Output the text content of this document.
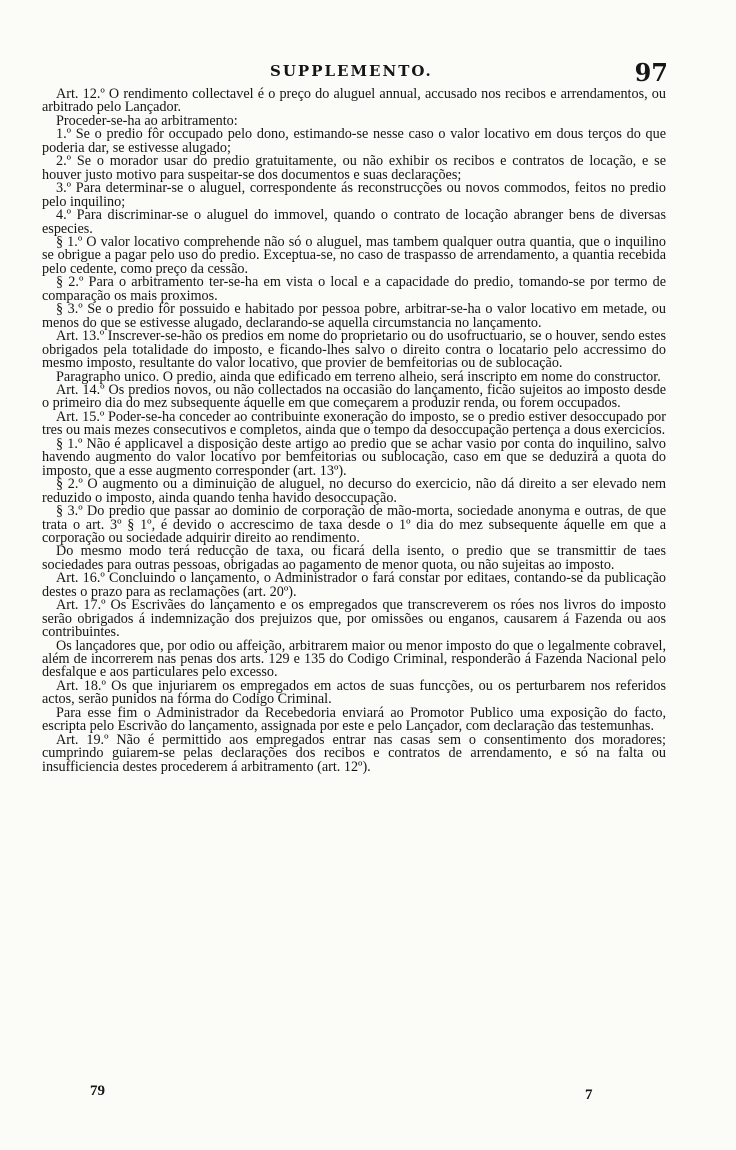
SUPPLEMENTO.	97

Art. 12.º O rendimento collectavel é o preço do aluguel annual, accusado nos recibos e arrendamentos, ou arbitrado pelo Lançador.

Proceder-se-ha ao arbitramento:

1.º Se o predio fôr occupado pelo dono, estimando-se nesse caso o valor locativo em dous terços do que poderia dar, se estivesse alugado;

2.º Se o morador usar do predio gratuitamente, ou não exhibir os recibos e contratos de locação, e se houver justo motivo para suspeitar-se dos documentos e suas declarações;

3.º Para determinar-se o aluguel, correspondente ás reconstrucções ou novos commodos, feitos no predio pelo inquilino;

4.º Para discriminar-se o aluguel do immovel, quando o contrato de locação abranger bens de diversas especies.

§ 1.º O valor locativo comprehende não só o aluguel, mas tambem qualquer outra quantia, que o inquilino se obrigue a pagar pelo uso do predio. Exceptua-se, no caso de traspasso de arrendamento, a quantia recebida pelo cedente, como preço da cessão.

§ 2.º Para o arbitramento ter-se-ha em vista o local e a capacidade do predio, tomando-se por termo de comparação os mais proximos.

§ 3.º Se o predio fôr possuido e habitado por pessoa pobre, arbitrar-se-ha o valor locativo em metade, ou menos do que se estivesse alugado, declarando-se aquella circumstancia no lançamento.

Art. 13.º Inscrever-se-hão os predios em nome do proprietario ou do usofructuario, se o houver, sendo estes obrigados pela totalidade do imposto, e ficando-lhes salvo o direito contra o locatario pelo accressimo do mesmo imposto, resultante do valor locativo, que provier de bemfeitorias ou de sublocação.

Paragrapho unico. O predio, ainda que edificado em terreno alheio, será inscripto em nome do constructor.

Art. 14.º Os predios novos, ou não collectados na occasião do lançamento, ficão sujeitos ao imposto desde o primeiro dia do mez subsequente áquelle em que começarem a produzir renda, ou forem occupados.

Art. 15.º Poder-se-ha conceder ao contribuinte exoneração do imposto, se o predio estiver desoccupado por tres ou mais mezes consecutivos e completos, ainda que o tempo da desoccupação pertença a dous exercicios.

§ 1.º Não é applicavel a disposição deste artigo ao predio que se achar vasio por conta do inquilino, salvo havendo augmento do valor locativo por bemfeitorias ou sublocação, caso em que se deduzirá a quota do imposto, que a esse augmento corresponder (art. 13º).

§ 2.º O augmento ou a diminuição de aluguel, no decurso do exercicio, não dá direito a ser elevado nem reduzido o imposto, ainda quando tenha havido desoccupação.

§ 3.º Do predio que passar ao dominio de corporação de mão-morta, sociedade anonyma e outras, de que trata o art. 3º § 1º, é devido o accrescimo de taxa desde o 1º dia do mez subsequente áquelle em que a corporação ou sociedade adquirir direito ao rendimento.

Do mesmo modo terá reducção de taxa, ou ficará della isento, o predio que se transmittir de taes sociedades para outras pessoas, obrigadas ao pagamento de menor quota, ou não sujeitas ao imposto.

Art. 16.º Concluindo o lançamento, o Administrador o fará constar por editaes, contando-se da publicação destes o prazo para as reclamações (art. 20º).

Art. 17.º Os Escrivães do lançamento e os empregados que transcreverem os róes nos livros do imposto serão obrigados á indemnização dos prejuizos que, por omissões ou enganos, causarem á Fazenda ou aos contribuintes.

Os lançadores que, por odio ou affeição, arbitrarem maior ou menor imposto do que o legalmente cobravel, além de incorrerem nas penas dos arts. 129 e 135 do Codigo Criminal, responderão á Fazenda Nacional pelo desfalque e aos particulares pelo excesso.

Art. 18.º Os que injuriarem os empregados em actos de suas funcções, ou os perturbarem nos referidos actos, serão punidos na fórma do Codigo Criminal.

Para esse fim o Administrador da Recebedoria enviará ao Promotor Publico uma exposição do facto, escripta pelo Escrivão do lançamento, assignada por este e pelo Lançador, com declaração das testemunhas.

Art. 19.º Não é permittido aos empregados entrar nas casas sem o consentimento dos moradores; cumprindo guiarem-se pelas declarações dos recibos e contratos de arrendamento, e só na falta ou insufficiencia destes procederem á arbitramento (art. 12º).

79	7
